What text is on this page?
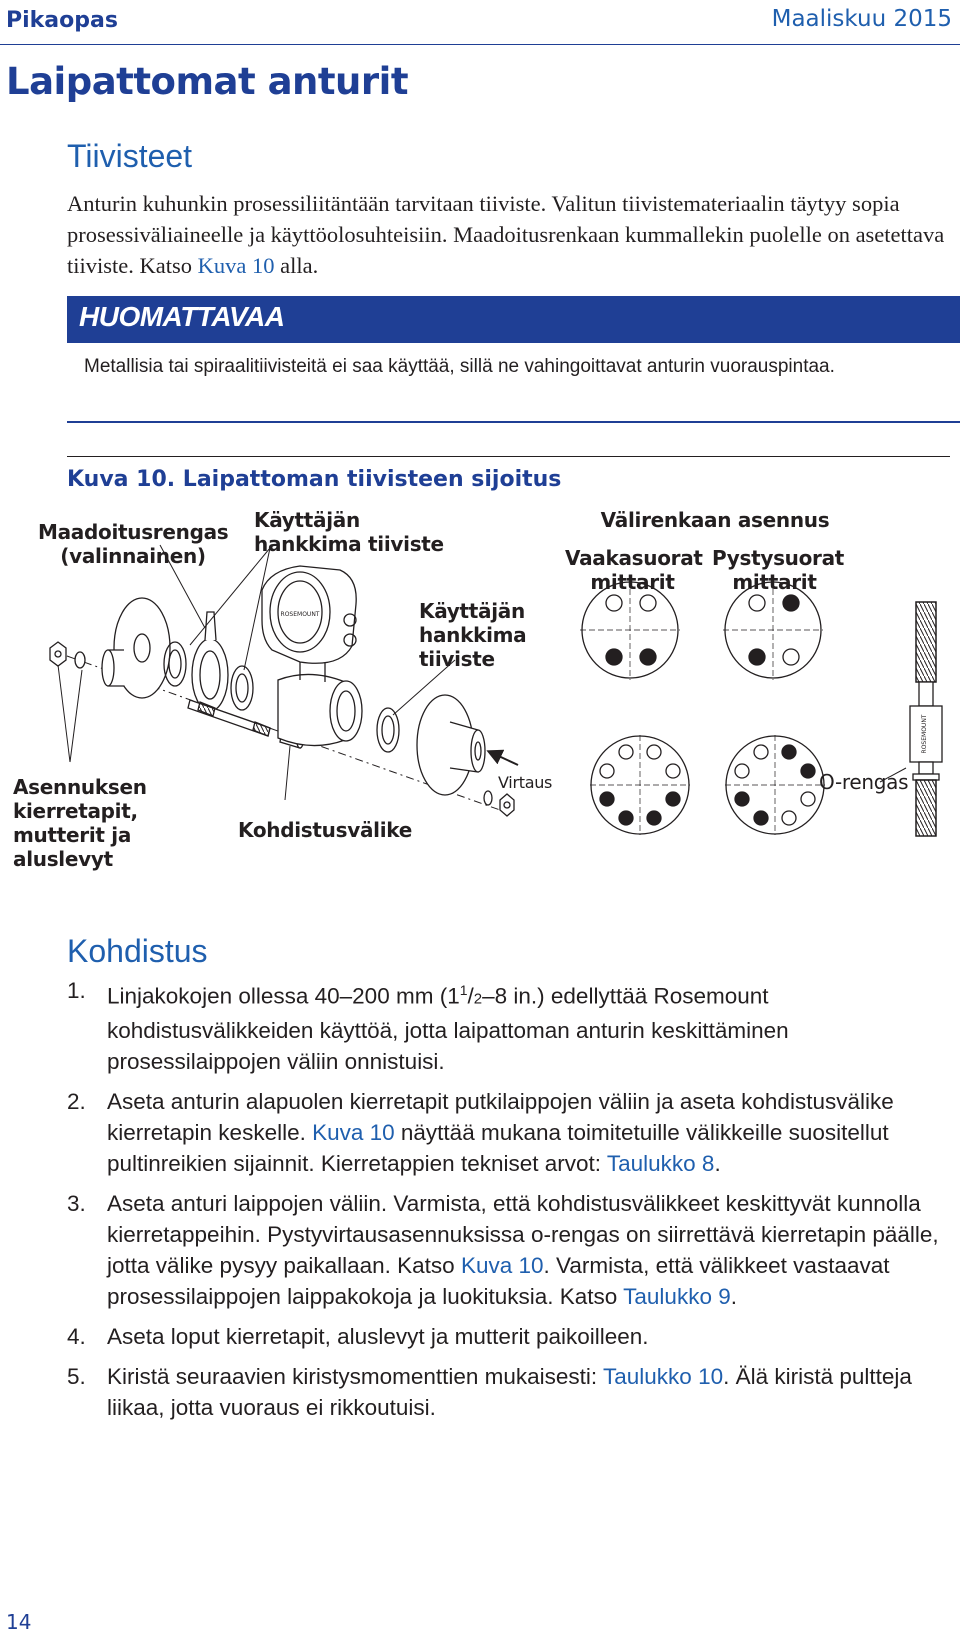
Pikaopas	Maaliskuu 2015
Laipattomat anturit
Tiivisteet
Anturin kuhunkin prosessiliitäntään tarvitaan tiiviste. Valitun tiivistemateriaalin täytyy sopia prosessiväliaineelle ja käyttöolosuhteisiin. Maadoitusrenkaan kummallekin puolelle on asetettava tiiviste. Katso Kuva 10 alla.
HUOMATTAVAA
Metallisia tai spiraalitiivisteitä ei saa käyttää, sillä ne vahingoittavat anturin vuorauspintaa.
Kuva 10. Laipattoman tiivisteen sijoitus
ROSEMOUNT
ROSEMOUNT
Maadoitusrengas (valinnainen)
Käyttäjän hankkima tiiviste
Käyttäjän hankkima tiiviste
Välirenkaan asennus
Vaakasuorat mittarit
Pystysuorat mittarit
Asennuksen kierretapit, mutterit ja aluslevyt
Kohdistusvälike
Virtaus	O-rengas
Kohdistus
1. Linjakokojen ollessa 40–200 mm ($1^1/2-8$ in.) edellyttää Rosemount kohdistusvälikkeiden käyttöä, jotta laipattoman anturin keskittäminen prosessilaippojen väliin onnistuisi.
2. Aseta anturin alapuolen kierretapit putkilaippojen väliin ja aseta kohdistusvälike kierretapin keskelle. Kuva 10 näyttää mukana toimitetuille välikkeille suositellut pultinreikien sijainnit. Kierretappien tekniset arvot: Taulukko 8.
3. Aseta anturi laippojen väliin. Varmista, että kohdistusvälikkeet keskittyvät kunnolla kierretappeihin. Pystyvirtausasennuksissa o-rengas on siirrettävä kierretapin päälle, jotta välike pysyy paikallaan. Katso Kuva 10. Varmista, että välikkeet vastaavat prosessilaippojen laippakokoja ja luokituksia. Katso Taulukko 9.
4. Aseta loput kierretapit, aluslevyt ja mutterit paikoilleen.
5. Kiristä seuraavien kiristysmomenttien mukaisesti: Taulukko 10. Älä kiristä pultteja liikaa, jotta vuoraus ei rikkoutuisi.
14
